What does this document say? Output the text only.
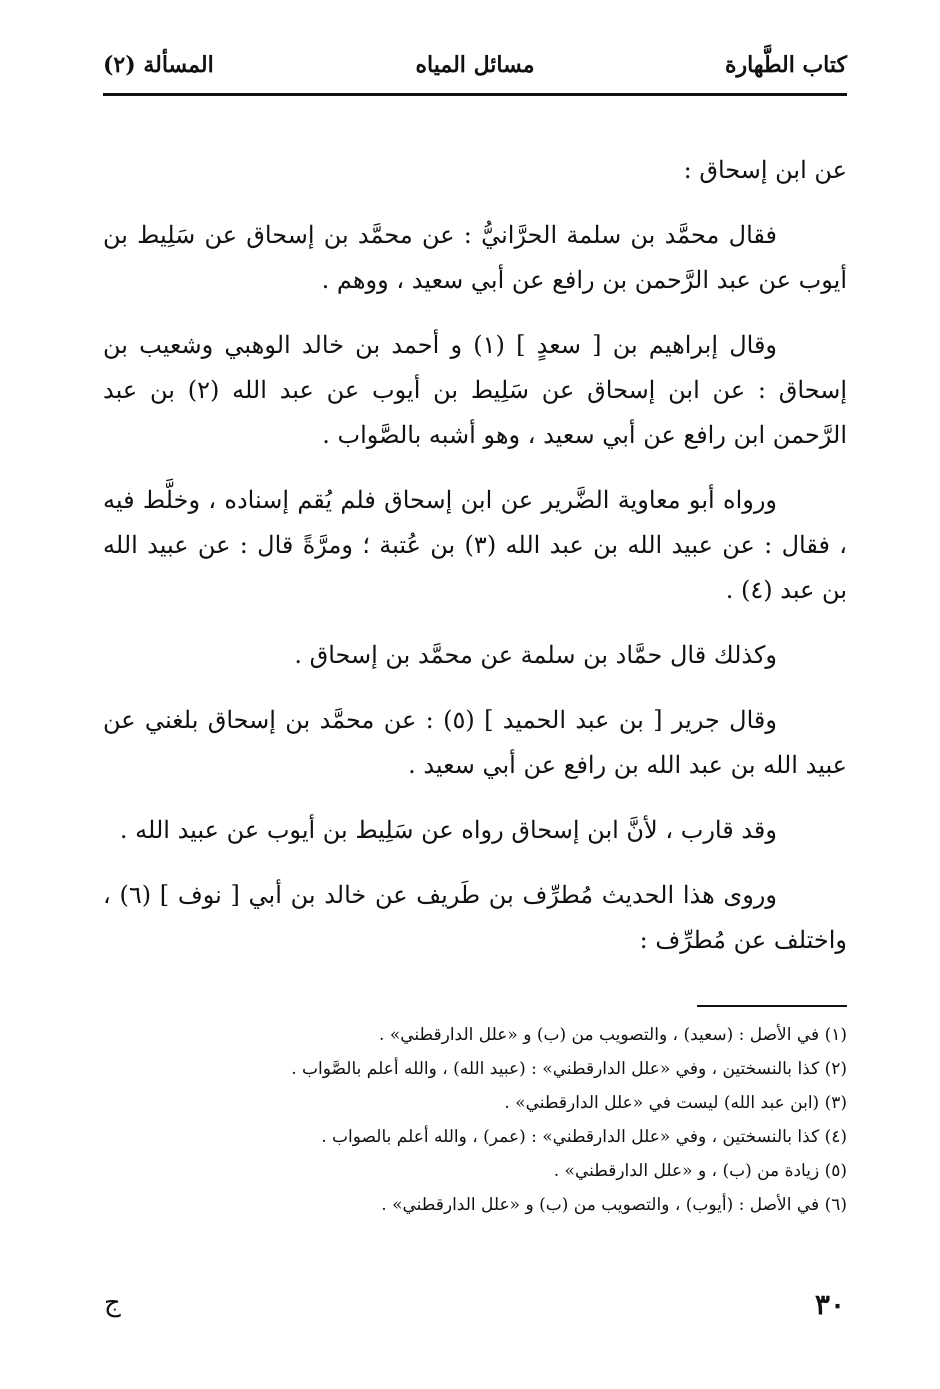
كتاب الطَّهارة
مسائل المياه
المسألة (٢)

عن ابن إسحاق :

فقال محمَّد بن سلمة الحرَّانيُّ : عن محمَّد بن إسحاق عن سَلِيط بن أيوب عن عبد الرَّحمن بن رافع عن أبي سعيد ، ووهم .

وقال إبراهيم بن [ سعدٍ ] (١) و أحمد بن خالد الوهبي وشعيب بن إسحاق : عن ابن إسحاق عن سَلِيط بن أيوب عن عبد الله (٢) بن عبد الرَّحمن ابن رافع عن أبي سعيد ، وهو أشبه بالصَّواب .

ورواه أبو معاوية الضَّرير عن ابن إسحاق فلم يُقم إسناده ، وخلَّط فيه ، فقال : عن عبيد الله بن عبد الله (٣) بن عُتبة ؛ ومرَّةً قال : عن عبيد الله بن عبد (٤) .

وكذلك قال حمَّاد بن سلمة عن محمَّد بن إسحاق .

وقال جرير [ بن عبد الحميد ] (٥) : عن محمَّد بن إسحاق بلغني عن عبيد الله بن عبد الله بن رافع عن أبي سعيد .

وقد قارب ، لأنَّ ابن إسحاق رواه عن سَلِيط بن أيوب عن عبيد الله .

وروى هذا الحديث مُطرِّف بن طَريف عن خالد بن أبي [ نوف ] (٦) ، واختلف عن مُطرِّف :

(١) في الأصل : (سعيد) ، والتصويب من (ب) و «علل الدارقطني» .
(٢) كذا بالنسختين ، وفي «علل الدارقطني» : (عبيد الله) ، والله أعلم بالصَّواب .
(٣) (ابن عبد الله) ليست في «علل الدارقطني» .
(٤) كذا بالنسختين ، وفي «علل الدارقطني» : (عمر) ، والله أعلم بالصواب .
(٥) زيادة من (ب) ، و «علل الدارقطني» .
(٦) في الأصل : (أيوب) ، والتصويب من (ب) و «علل الدارقطني» .
٣٠
ج
